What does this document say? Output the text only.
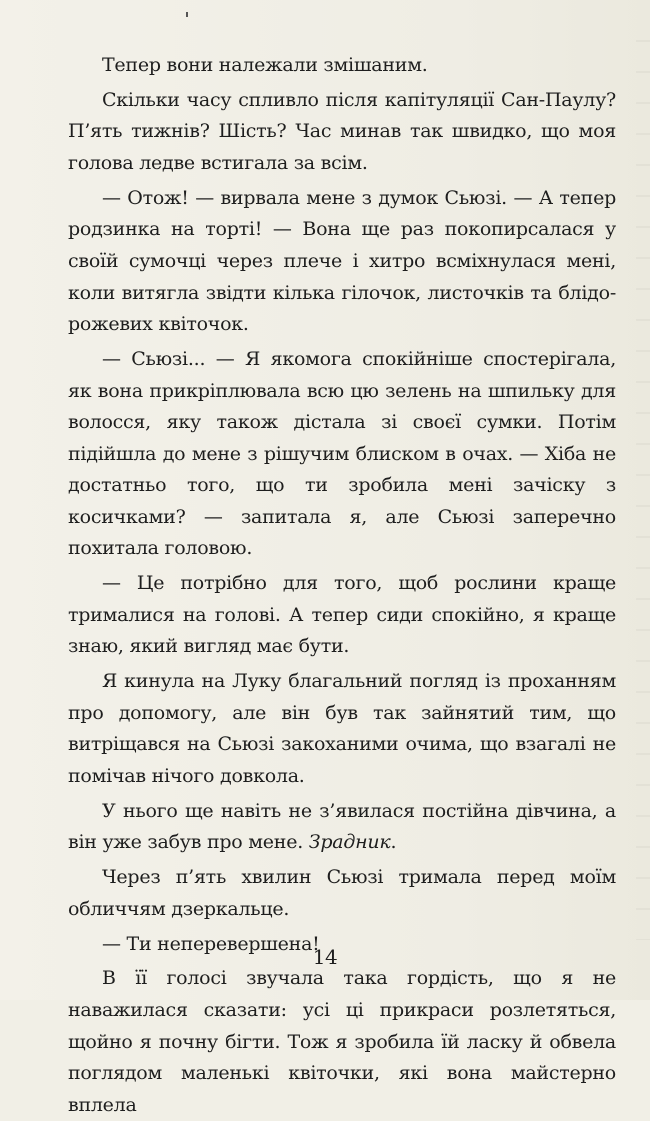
Тепер вони належали змішаним.

Скільки часу спливло після капітуляції Сан-Паулу? П’ять тижнів? Шість? Час минав так швидко, що моя голова ледве встигала за всім.

— Отож! — вирвала мене з думок Сьюзі. — А тепер родзинка на торті! — Вона ще раз покопирсалася у своїй сумочці через плече і хитро всміхнулася мені, коли витягла звідти кілька гілочок, листочків та блідо-рожевих квіточок.

— Сьюзі... — Я якомога спокійніше спостерігала, як вона прикріплювала всю цю зелень на шпильку для волосся, яку також дістала зі своєї сумки. Потім підійшла до мене з рішучим блиском в очах. — Хіба не достатньо того, що ти зробила мені зачіску з косичками? — запитала я, але Сьюзі заперечно похитала головою.

— Це потрібно для того, щоб рослини краще трималися на голові. А тепер сиди спокійно, я краще знаю, який вигляд має бути.

Я кинула на Луку благальний погляд із проханням про допомогу, але він був так зайнятий тим, що витріщався на Сьюзі закоханими очима, що взагалі не помічав нічого довкола.

У нього ще навіть не з’явилася постійна дівчина, а він уже забув про мене. Зрадник.

Через п’ять хвилин Сьюзі тримала перед моїм обличчям дзеркальце.

— Ти неперевершена!

В її голосі звучала така гордість, що я не наважилася сказати: усі ці прикраси розлетяться, щойно я почну бігти. Тож я зробила їй ласку й обвела поглядом маленькі квіточки, які вона майстерно вплела

14
